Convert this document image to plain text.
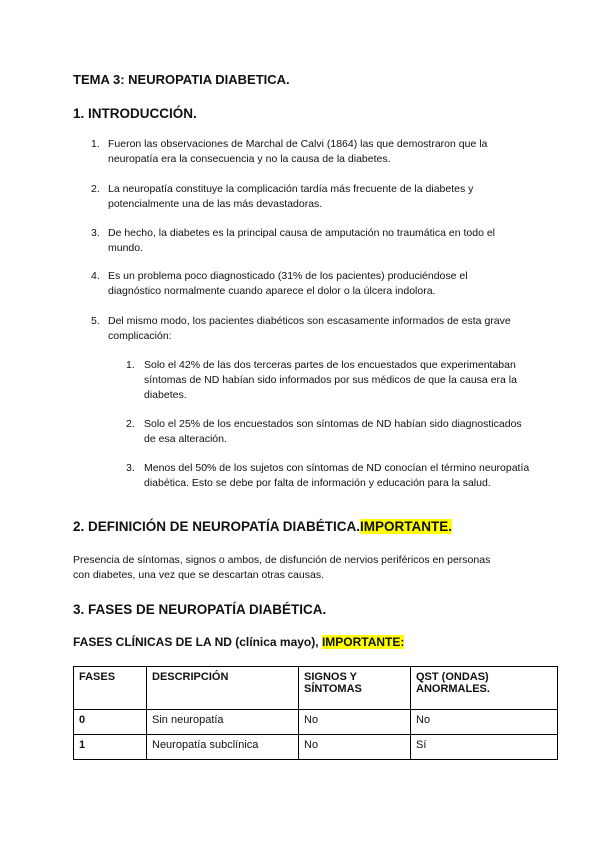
TEMA 3: NEUROPATIA DIABETICA.
1. INTRODUCCIÓN.
1. Fueron las observaciones de Marchal de Calvi (1864) las que demostraron que la neuropatía era la consecuencia y no la causa de la diabetes.
2. La neuropatía constituye la complicación tardía más frecuente de la diabetes y potencialmente una de las más devastadoras.
3. De hecho, la diabetes es la principal causa de amputación no traumática en todo el mundo.
4. Es un problema poco diagnosticado (31% de los pacientes) produciéndose el diagnóstico normalmente cuando aparece el dolor o la úlcera indolora.
5. Del mismo modo, los pacientes diabéticos son escasamente informados de esta grave complicación:
1. Solo el 42% de las dos terceras partes de los encuestados que experimentaban síntomas de ND habían sido informados por sus médicos de que la causa era la diabetes.
2. Solo el 25% de los encuestados son síntomas de ND habían sido diagnosticados de esa alteración.
3. Menos del 50% de los sujetos con síntomas de ND conocían el término neuropatía diabética. Esto se debe por falta de información y educación para la salud.
2. DEFINICIÓN DE NEUROPATÍA DIABÉTICA.IMPORTANTE.

Presencia de síntomas, signos o ambos, de disfunción de nervios periféricos en personas con diabetes, una vez que se descartan otras causas.

3. FASES DE NEUROPATÍA DIABÉTICA.
FASES CLÍNICAS DE LA ND (clínica mayo), IMPORTANTE:
FASES	DESCRIPCIÓN	SIGNOS Y SÍNTOMAS	QST (ONDAS) ANORMALES.
0	Sin neuropatía	No	No
1	Neuropatía subclínica	No	Sí
